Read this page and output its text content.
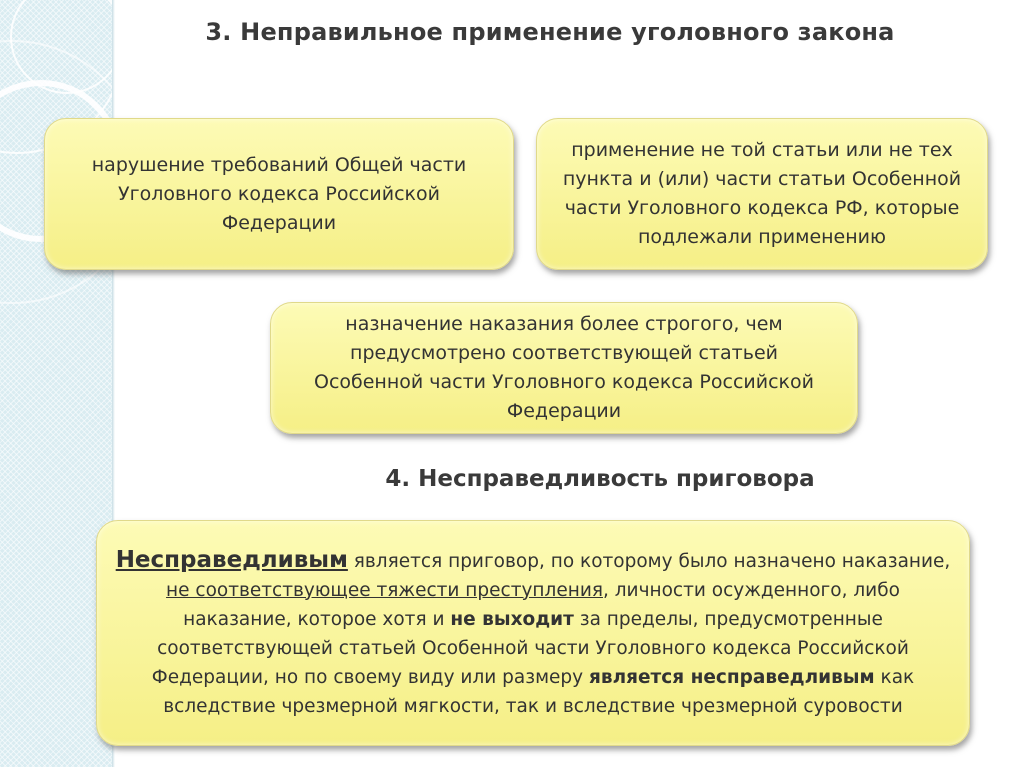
3. Неправильное применение уголовного закона
нарушение требований Общей части Уголовного кодекса Российской Федерации
применение не той статьи или не тех пункта и (или) части статьи Особенной части Уголовного кодекса РФ, которые подлежали применению
назначение наказания более строгого, чем предусмотрено соответствующей статьей Особенной части Уголовного кодекса Российской Федерации
4. Несправедливость приговора
Несправедливым является приговор, по которому было назначено наказание, не соответствующее тяжести преступления, личности осужденного, либо наказание, которое хотя и не выходит за пределы, предусмотренные соответствующей статьей Особенной части Уголовного кодекса Российской Федерации, но по своему виду или размеру является несправедливым как вследствие чрезмерной мягкости, так и вследствие чрезмерной суровости
